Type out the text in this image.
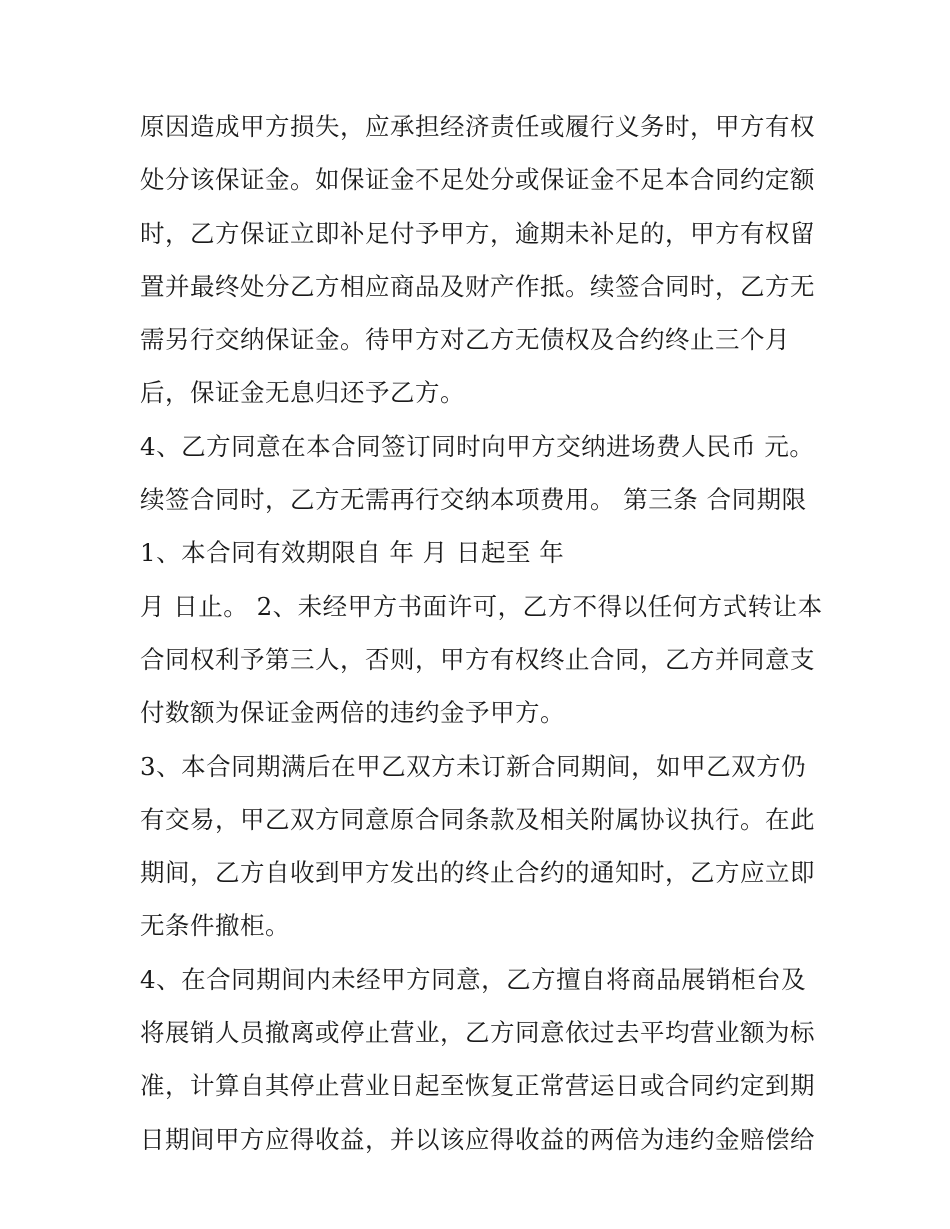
原因造成甲方损失，应承担经济责任或履行义务时，甲方有权
处分该保证金。如保证金不足处分或保证金不足本合同约定额
时，乙方保证立即补足付予甲方，逾期未补足的，甲方有权留
置并最终处分乙方相应商品及财产作抵。续签合同时，乙方无
需另行交纳保证金。待甲方对乙方无债权及合约终止三个月
后，保证金无息归还予乙方。
4、乙方同意在本合同签订同时向甲方交纳进场费人民币 元。
续签合同时，乙方无需再行交纳本项费用。 第三条 合同期限
1、本合同有效期限自 年 月 日起至 年
月 日止。 2、未经甲方书面许可，乙方不得以任何方式转让本
合同权利予第三人，否则，甲方有权终止合同，乙方并同意支
付数额为保证金两倍的违约金予甲方。
3、本合同期满后在甲乙双方未订新合同期间，如甲乙双方仍
有交易，甲乙双方同意原合同条款及相关附属协议执行。在此
期间，乙方自收到甲方发出的终止合约的通知时，乙方应立即
无条件撤柜。
4、在合同期间内未经甲方同意，乙方擅自将商品展销柜台及
将展销人员撤离或停止营业，乙方同意依过去平均营业额为标
准，计算自其停止营业日起至恢复正常营运日或合同约定到期
日期间甲方应得收益，并以该应得收益的两倍为违约金赔偿给
